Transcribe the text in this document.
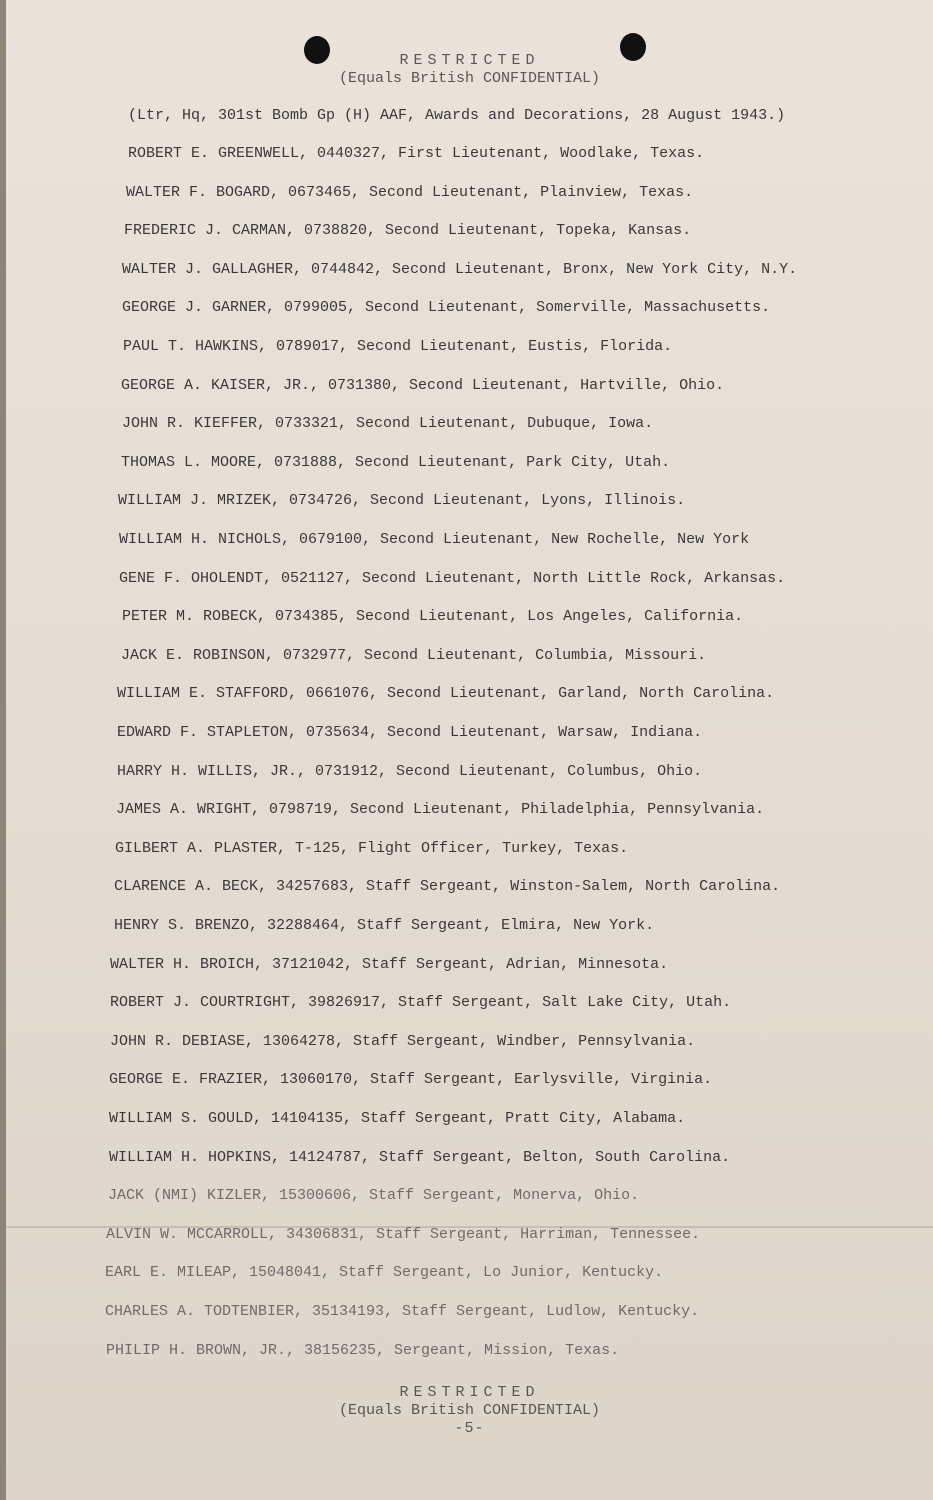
RESTRICTED
(Equals British CONFIDENTIAL)
(Ltr, Hq, 301st Bomb Gp (H) AAF, Awards and Decorations, 28 August 1943.)
ROBERT E. GREENWELL, 0440327, First Lieutenant, Woodlake, Texas.
WALTER F. BOGARD, 0673465, Second Lieutenant, Plainview, Texas.
FREDERIC J. CARMAN, 0738820, Second Lieutenant, Topeka, Kansas.
WALTER J. GALLAGHER, 0744842, Second Lieutenant, Bronx, New York City, N.Y.
GEORGE J. GARNER, 0799005, Second Lieutenant, Somerville, Massachusetts.
PAUL T. HAWKINS, 0789017, Second Lieutenant, Eustis, Florida.
GEORGE A. KAISER, JR., 0731380, Second Lieutenant, Hartville, Ohio.
JOHN R. KIEFFER, 0733321, Second Lieutenant, Dubuque, Iowa.
THOMAS L. MOORE, 0731888, Second Lieutenant, Park City, Utah.
WILLIAM J. MRIZEK, 0734726, Second Lieutenant, Lyons, Illinois.
WILLIAM H. NICHOLS, 0679100, Second Lieutenant, New Rochelle, New York
GENE F. OHOLENDT, 0521127, Second Lieutenant, North Little Rock, Arkansas.
PETER M. ROBECK, 0734385, Second Lieutenant, Los Angeles, California.
JACK E. ROBINSON, 0732977, Second Lieutenant, Columbia, Missouri.
WILLIAM E. STAFFORD, 0661076, Second Lieutenant, Garland, North Carolina.
EDWARD F. STAPLETON, 0735634, Second Lieutenant, Warsaw, Indiana.
HARRY H. WILLIS, JR., 0731912, Second Lieutenant, Columbus, Ohio.
JAMES A. WRIGHT, 0798719, Second Lieutenant, Philadelphia, Pennsylvania.
GILBERT A. PLASTER, T-125, Flight Officer, Turkey, Texas.
CLARENCE A. BECK, 34257683, Staff Sergeant, Winston-Salem, North Carolina.
HENRY S. BRENZO, 32288464, Staff Sergeant, Elmira, New York.
WALTER H. BROICH, 37121042, Staff Sergeant, Adrian, Minnesota.
ROBERT J. COURTRIGHT, 39826917, Staff Sergeant, Salt Lake City, Utah.
JOHN R. DEBIASE, 13064278, Staff Sergeant, Windber, Pennsylvania.
GEORGE E. FRAZIER, 13060170, Staff Sergeant, Earlysville, Virginia.
WILLIAM S. GOULD, 14104135, Staff Sergeant, Pratt City, Alabama.
WILLIAM H. HOPKINS, 14124787, Staff Sergeant, Belton, South Carolina.
JACK (NMI) KIZLER, 15300606, Staff Sergeant, Monerva, Ohio.
ALVIN W. MCCARROLL, 34306831, Staff Sergeant, Harriman, Tennessee.
EARL E. MILEAP, 15048041, Staff Sergeant, Lo Junior, Kentucky.
CHARLES A. TODTENBIER, 35134193, Staff Sergeant, Ludlow, Kentucky.
PHILIP H. BROWN, JR., 38156235, Sergeant, Mission, Texas.
RESTRICTED
(Equals British CONFIDENTIAL)
-5-
